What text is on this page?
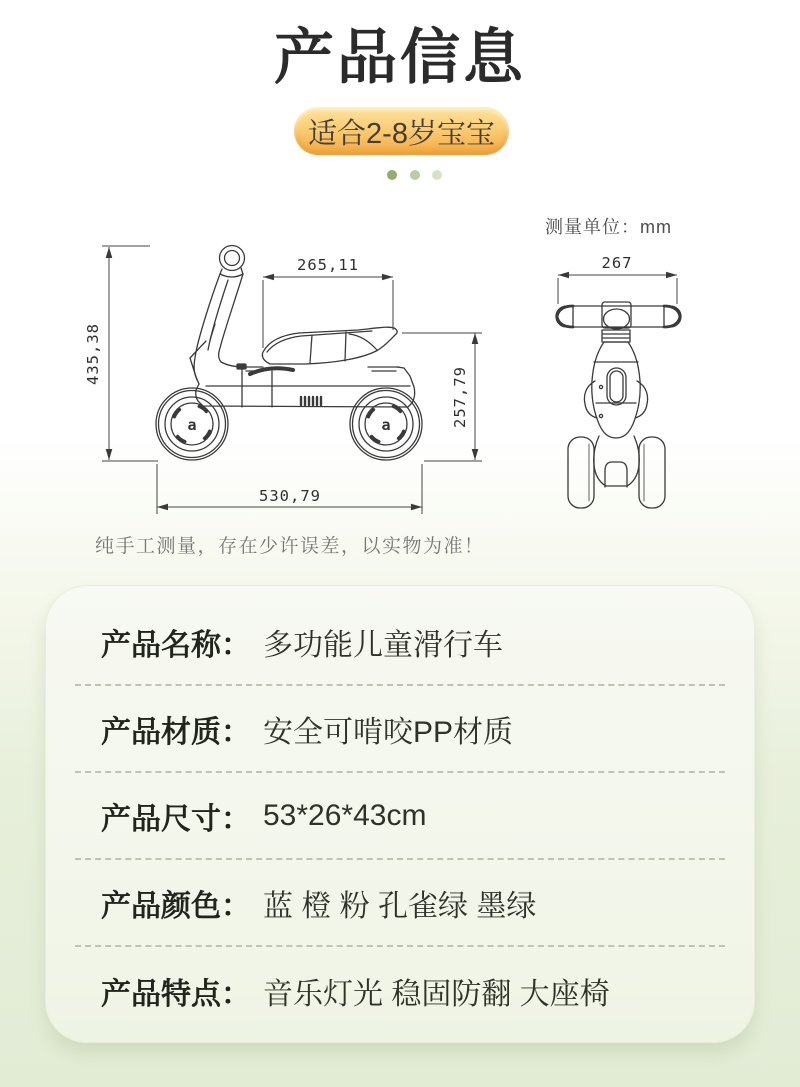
产品信息
适合2-8岁宝宝
测量单位：mm
a	a
435,38
265,11
257,79
530,79
267
纯手工测量，存在少许误差，以实物为准！
产品名称： 多功能儿童滑行车
产品材质： 安全可啃咬PP材质
产品尺寸： 53*26*43cm
产品颜色： 蓝 橙 粉 孔雀绿 墨绿
产品特点： 音乐灯光 稳固防翻 大座椅
